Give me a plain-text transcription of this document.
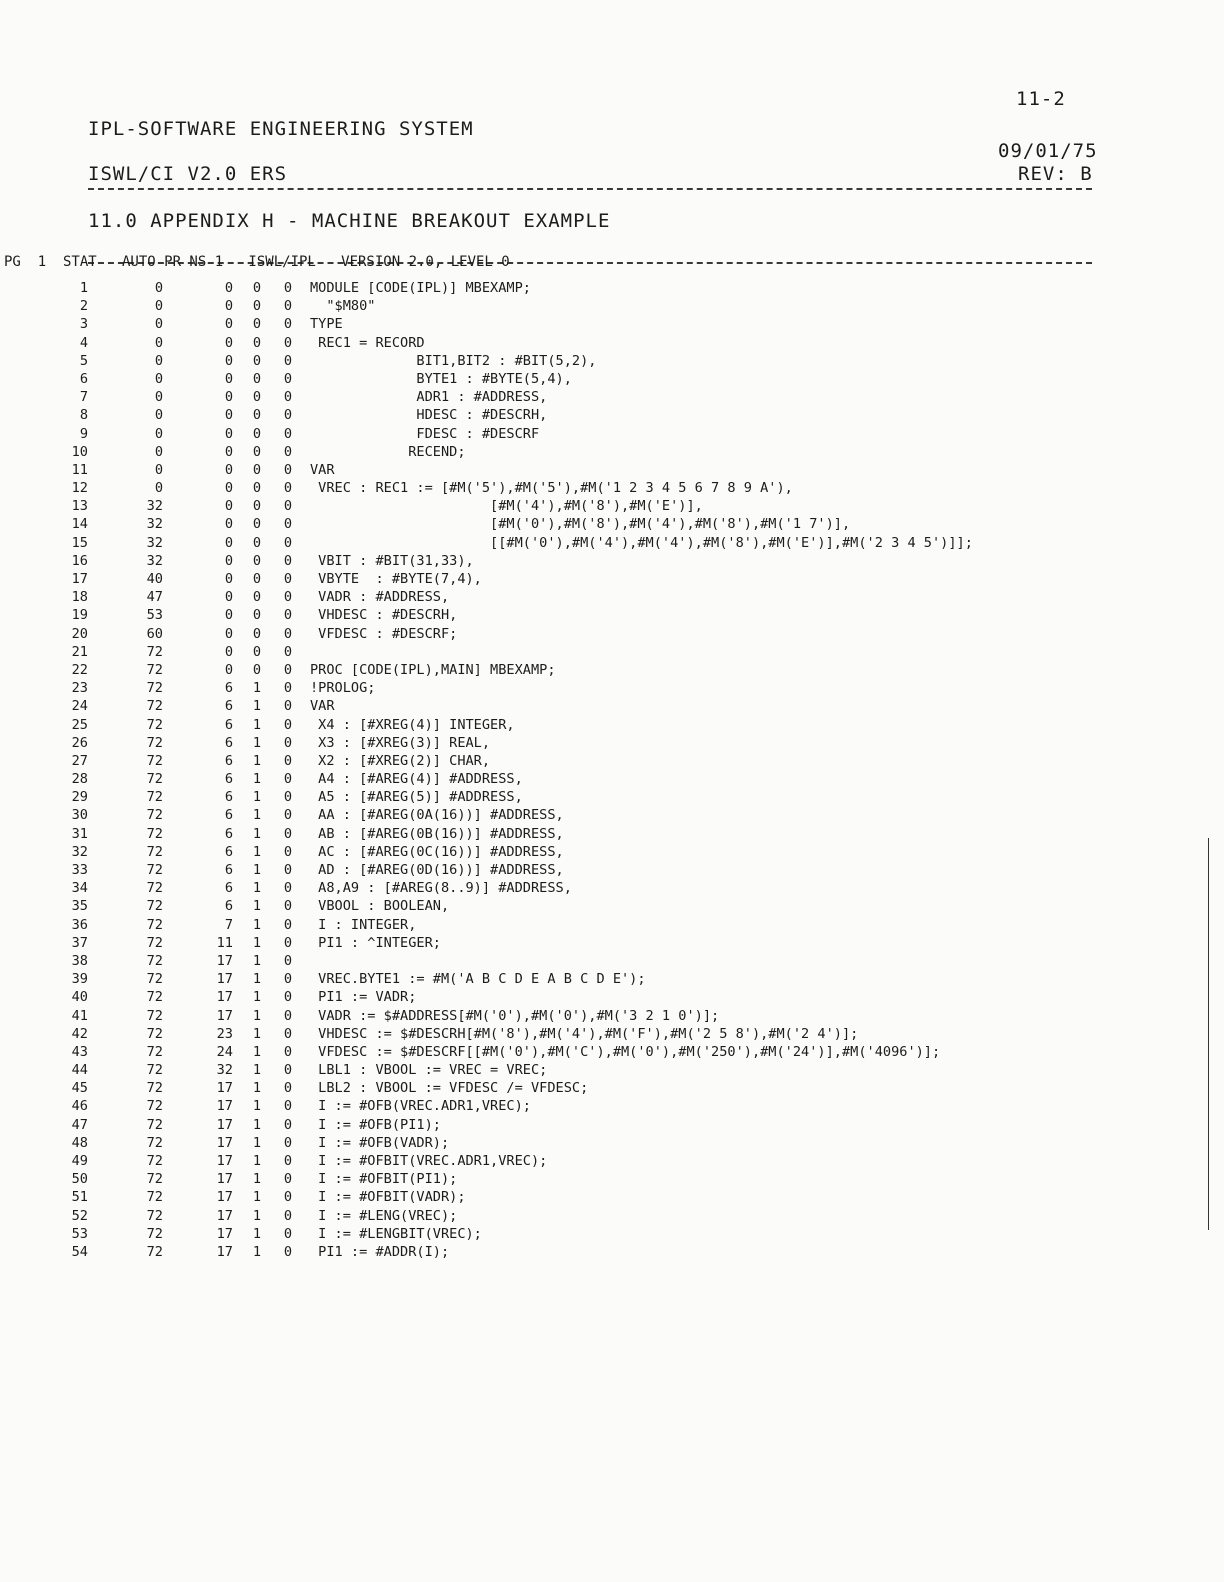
11-2
IPL-SOFTWARE ENGINEERING SYSTEM
09/01/75
ISWL/CI V2.0 ERS	REV: B
11.0 APPENDIX H - MACHINE BREAKOUT EXAMPLE
PG  1  STAT   AUTO PR NS 1   ISWL/IPL   VERSION 2.0, LEVEL 0
1	0	0	0	0 MODULE [CODE(IPL)] MBEXAMP;
2	0	0	0	0 "$M80"
3	0	0	0	0 TYPE
4	0	0	0	0 REC1 = RECORD
5	0	0	0	0 BIT1,BIT2 : #BIT(5,2),
6	0	0	0	0 BYTE1 : #BYTE(5,4),
7	0	0	0	0 ADR1 : #ADDRESS,
8	0	0	0	0 HDESC : #DESCRH,
9	0	0	0	0 FDESC : #DESCRF
10	0	0	0	0 RECEND;
11	0	0	0	0 VAR
12	0	0	0	0 VREC : REC1 := [#M('5'),#M('5'),#M('1 2 3 4 5 6 7 8 9 A'),
13	32	0	0	0 [#M('4'),#M('8'),#M('E')],
14	32	0	0	0 [#M('0'),#M('8'),#M('4'),#M('8'),#M('1 7')],
15	32	0	0	0 [[#M('0'),#M('4'),#M('4'),#M('8'),#M('E')],#M('2 3 4 5')]];
16	32	0	0	0 VBIT : #BIT(31,33),
17	40	0	0	0 VBYTE  : #BYTE(7,4),
18	47	0	0	0 VADR : #ADDRESS,
19	53	0	0	0 VHDESC : #DESCRH,
20	60	0	0	0 VFDESC : #DESCRF;
21	72	0	0	0
22	72	0	0	0 PROC [CODE(IPL),MAIN] MBEXAMP;
23	72	6	1	0 !PROLOG;
24	72	6	1	0 VAR
25	72	6	1	0 X4 : [#XREG(4)] INTEGER,
26	72	6	1	0 X3 : [#XREG(3)] REAL,
27	72	6	1	0 X2 : [#XREG(2)] CHAR,
28	72	6	1	0 A4 : [#AREG(4)] #ADDRESS,
29	72	6	1	0 A5 : [#AREG(5)] #ADDRESS,
30	72	6	1	0 AA : [#AREG(0A(16))] #ADDRESS,
31	72	6	1	0 AB : [#AREG(0B(16))] #ADDRESS,
32	72	6	1	0 AC : [#AREG(0C(16))] #ADDRESS,
33	72	6	1	0 AD : [#AREG(0D(16))] #ADDRESS,
34	72	6	1	0 A8,A9 : [#AREG(8..9)] #ADDRESS,
35	72	6	1	0 VBOOL : BOOLEAN,
36	72	7	1	0 I : INTEGER,
37	72	11	1	0 PI1 : ^INTEGER;
38	72	17	1	0
39	72	17	1	0 VREC.BYTE1 := #M('A B C D E A B C D E');
40	72	17	1	0 PI1 := VADR;
41	72	17	1	0 VADR := $#ADDRESS[#M('0'),#M('0'),#M('3 2 1 0')];
42	72	23	1	0 VHDESC := $#DESCRH[#M('8'),#M('4'),#M('F'),#M('2 5 8'),#M('2 4')];
43	72	24	1	0 VFDESC := $#DESCRF[[#M('0'),#M('C'),#M('0'),#M('250'),#M('24')],#M('4096')];
44	72	32	1	0 LBL1 : VBOOL := VREC = VREC;
45	72	17	1	0 LBL2 : VBOOL := VFDESC /= VFDESC;
46	72	17	1	0 I := #OFB(VREC.ADR1,VREC);
47	72	17	1	0 I := #OFB(PI1);
48	72	17	1	0 I := #OFB(VADR);
49	72	17	1	0 I := #OFBIT(VREC.ADR1,VREC);
50	72	17	1	0 I := #OFBIT(PI1);
51	72	17	1	0 I := #OFBIT(VADR);
52	72	17	1	0 I := #LENG(VREC);
53	72	17	1	0 I := #LENGBIT(VREC);
54	72	17	1	0 PI1 := #ADDR(I);
